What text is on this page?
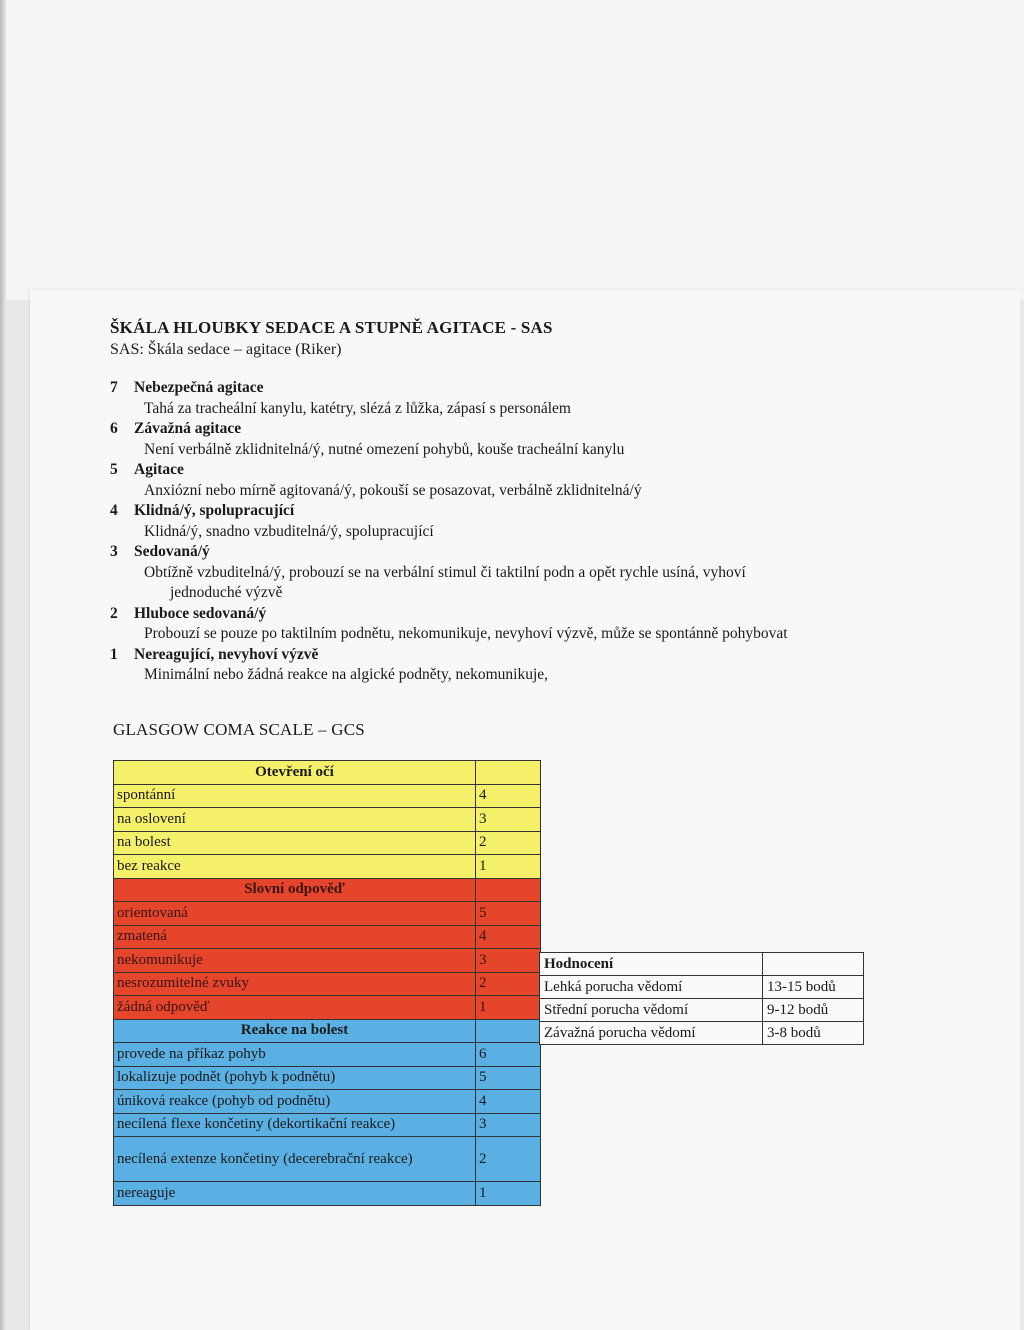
ŠKÁLA HLOUBKY SEDACE A STUPNĚ AGITACE - SAS
SAS: Škála sedace – agitace (Riker)
7	Nebezpečná agitace
Tahá za tracheální kanylu, katétry, slézá z lůžka, zápasí s personálem
6	Závažná agitace
Není verbálně zklidnitelná/ý, nutné omezení pohybů, kouše tracheální kanylu
5	Agitace
Anxiózní nebo mírně agitovaná/ý, pokouší se posazovat, verbálně zklidnitelná/ý
4	Klidná/ý, spolupracující
Klidná/ý, snadno vzbuditelná/ý, spolupracující
3	Sedovaná/ý
Obtížně vzbuditelná/ý, probouzí se na verbální stimul či taktilní podn a opět rychle usíná, vyhoví
jednoduché výzvě
2	Hluboce sedovaná/ý
Probouzí se pouze po taktilním podnětu, nekomunikuje, nevyhoví výzvě, může se spontánně pohybovat
1	Nereagující, nevyhoví výzvě
Minimální nebo žádná reakce na algické podněty, nekomunikuje,
GLASGOW COMA SCALE – GCS
Otevření očí	
spontánní	4
na oslovení	3
na bolest	2
bez reakce	1
Slovní odpověď	
orientovaná	5
zmatená	4
nekomunikuje	3
nesrozumitelné zvuky	2
žádná odpověď	1
Reakce na bolest	
provede na příkaz pohyb	6
lokalizuje podnět (pohyb k podnětu)	5
úniková reakce (pohyb od podnětu)	4
necílená flexe končetiny (dekortikační reakce)	3
necílená extenze končetiny (decerebrační reakce)	2
nereaguje	1
Hodnocení	
Lehká porucha vědomí	13-15 bodů
Střední porucha vědomí	9-12 bodů
Závažná porucha vědomí	3-8 bodů
